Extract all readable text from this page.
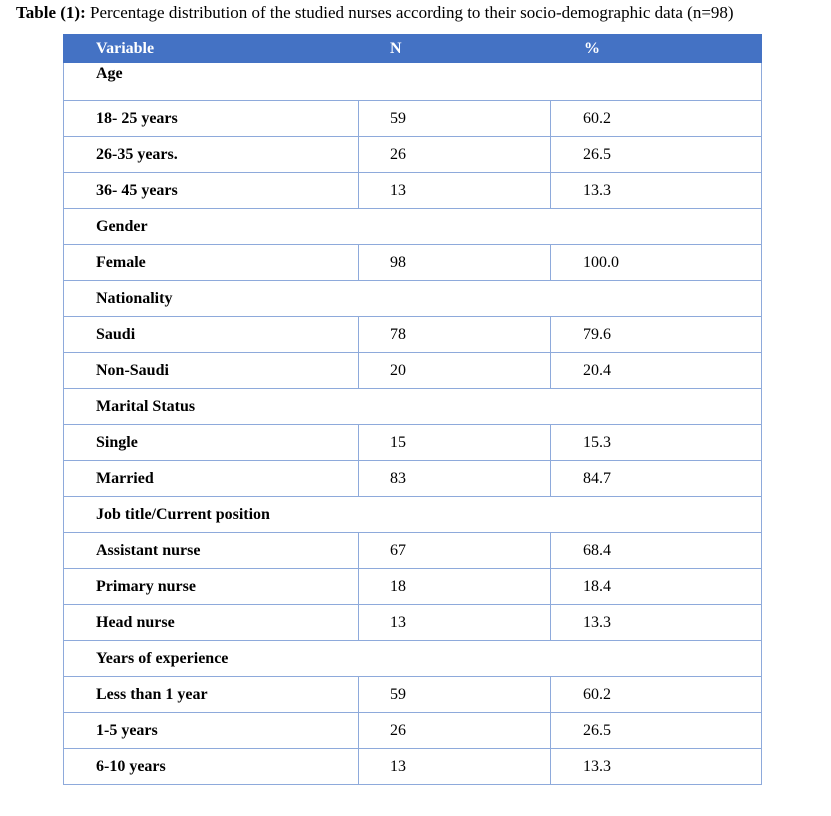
Table (1): Percentage distribution of the studied nurses according to their socio-demographic data (n=98)
Variable	N	%
Age		
18- 25 years	59	60.2
26-35 years.	26	26.5
36- 45 years	13	13.3
Gender		
Female	98	100.0
Nationality		
Saudi	78	79.6
Non-Saudi	20	20.4
Marital Status		
Single	15	15.3
Married	83	84.7
Job title/Current position		
Assistant nurse	67	68.4
Primary nurse	18	18.4
Head nurse	13	13.3
Years of experience		
Less than 1 year	59	60.2
1-5 years	26	26.5
6-10 years	13	13.3
